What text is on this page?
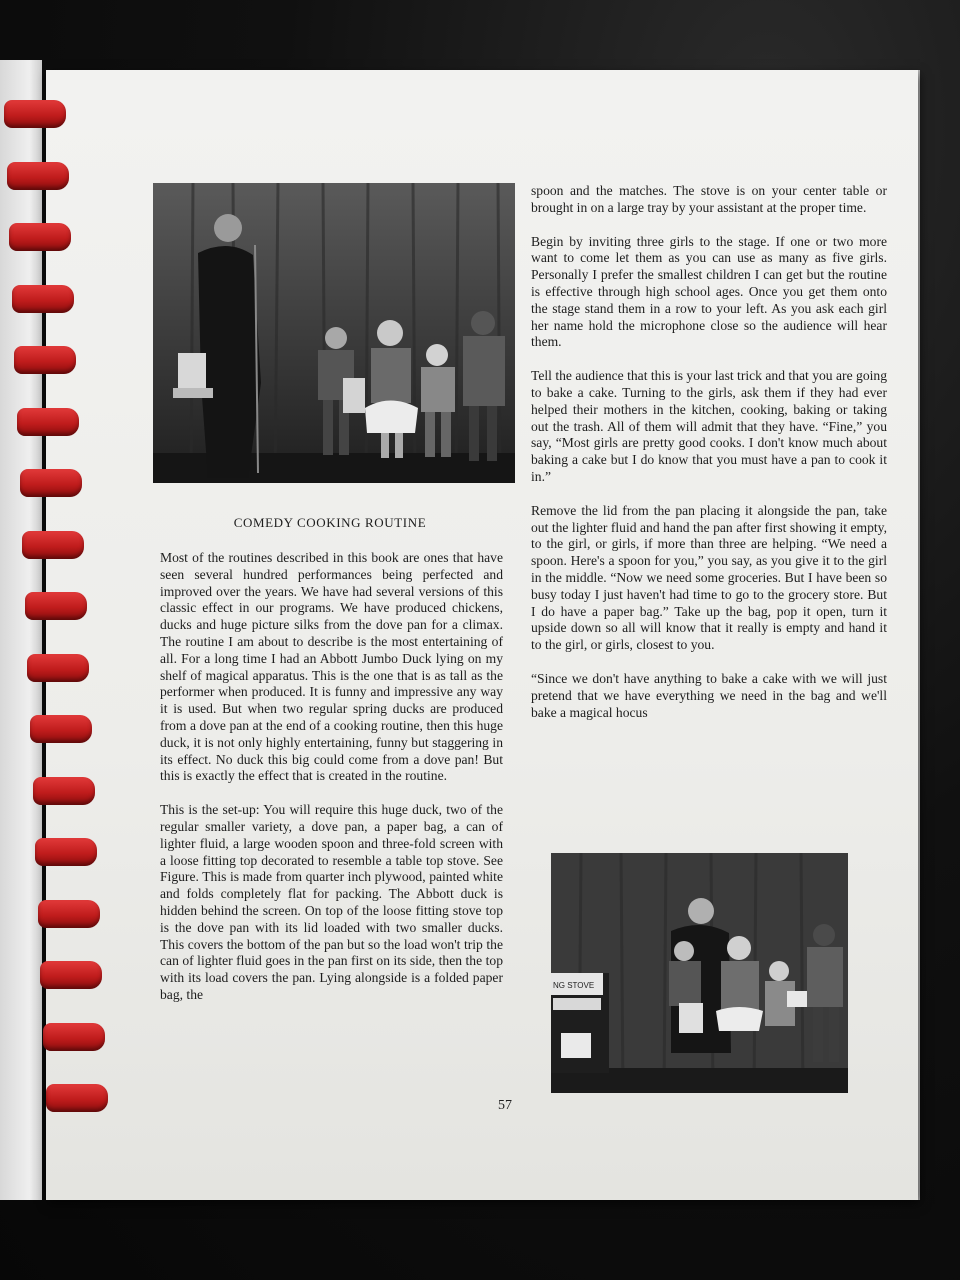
COMEDY COOKING ROUTINE

Most of the routines described in this book are ones that have seen several hundred performances being perfected and improved over the years. We have had several versions of this classic effect in our programs. We have produced chickens, ducks and huge picture silks from the dove pan for a climax. The routine I am about to describe is the most entertaining of all. For a long time I had an Abbott Jumbo Duck lying on my shelf of magical apparatus. This is the one that is as tall as the performer when produced. It is funny and impressive any way it is used. But when two regular spring ducks are produced from a dove pan at the end of a cooking routine, then this huge duck, it is not only highly entertaining, funny but staggering in its effect. No duck this big could come from a dove pan! But this is exactly the effect that is created in the routine.

This is the set-up: You will require this huge duck, two of the regular smaller variety, a dove pan, a paper bag, a can of lighter fluid, a large wooden spoon and three-fold screen with a loose fitting top decorated to resemble a table top stove. See Figure. This is made from quarter inch plywood, painted white and folds completely flat for packing. The Abbott duck is hidden behind the screen. On top of the loose fitting stove top is the dove pan with its lid loaded with two smaller ducks. This covers the bottom of the pan but so the load won't trip the can of lighter fluid goes in the pan first on its side, then the top with its load covers the pan. Lying alongside is a folded paper bag, the

spoon and the matches. The stove is on your center table or brought in on a large tray by your assistant at the proper time.

Begin by inviting three girls to the stage. If one or two more want to come let them as you can use as many as five girls. Personally I prefer the smallest children I can get but the routine is effective through high school ages. Once you get them onto the stage stand them in a row to your left. As you ask each girl her name hold the microphone close so the audience will hear them.

Tell the audience that this is your last trick and that you are going to bake a cake. Turning to the girls, ask them if they had ever helped their mothers in the kitchen, cooking, baking or taking out the trash. All of them will admit that they have. “Fine,” you say, “Most girls are pretty good cooks. I don't know much about baking a cake but I do know that you must have a pan to cook it in.”

Remove the lid from the pan placing it alongside the pan, take out the lighter fluid and hand the pan after first showing it empty, to the girl, or girls, if more than three are helping. “We need a spoon. Here's a spoon for you,” you say, as you give it to the girl in the middle. “Now we need some groceries. But I have been so busy today I just haven't had time to go to the grocery store. But I do have a paper bag.” Take up the bag, pop it open, turn it upside down so all will know that it really is empty and hand it to the girl, or girls, closest to you.

“Since we don't have anything to bake a cake with we will just pretend that we have everything we need in the bag and we'll bake a magical hocus

NG STOVE
57
